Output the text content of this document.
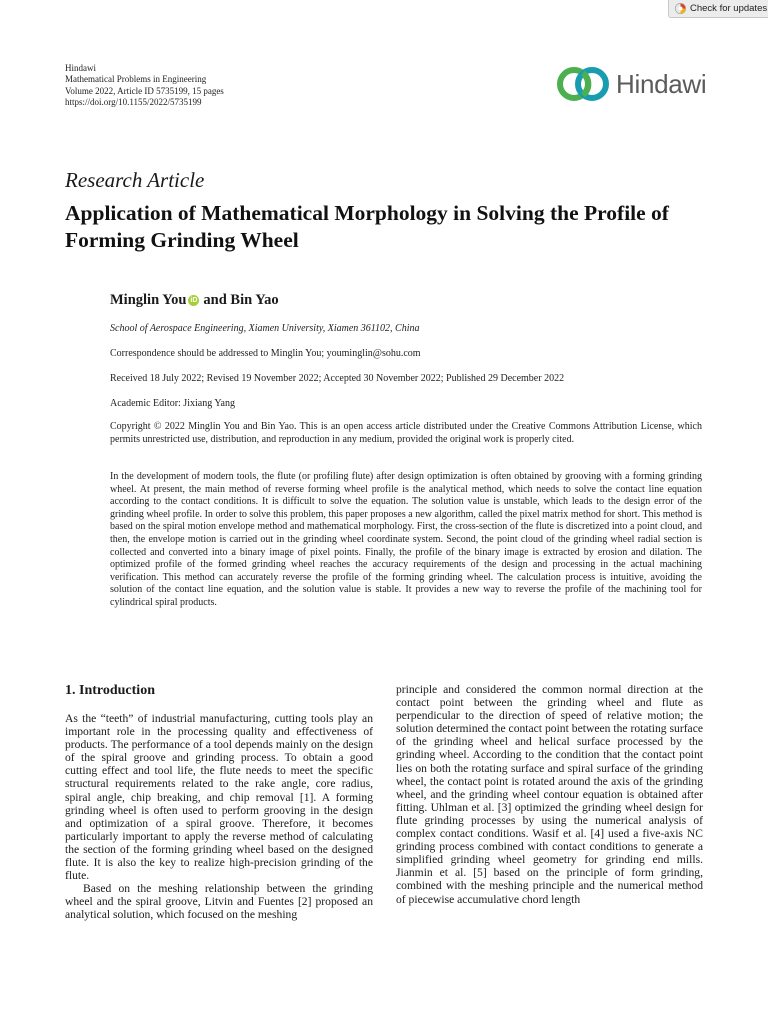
Check for updates
Hindawi
Mathematical Problems in Engineering
Volume 2022, Article ID 5735199, 15 pages
https://doi.org/10.1155/2022/5735199
Hindawi
Research Article
Application of Mathematical Morphology in Solving the Profile of Forming Grinding Wheel
Minglin You iD and Bin Yao
School of Aerospace Engineering, Xiamen University, Xiamen 361102, China
Correspondence should be addressed to Minglin You; youminglin@sohu.com
Received 18 July 2022; Revised 19 November 2022; Accepted 30 November 2022; Published 29 December 2022
Academic Editor: Jixiang Yang
Copyright © 2022 Minglin You and Bin Yao. This is an open access article distributed under the Creative Commons Attribution License, which permits unrestricted use, distribution, and reproduction in any medium, provided the original work is properly cited.
In the development of modern tools, the flute (or profiling flute) after design optimization is often obtained by grooving with a forming grinding wheel. At present, the main method of reverse forming wheel profile is the analytical method, which needs to solve the contact line equation according to the contact conditions. It is difficult to solve the equation. The solution value is unstable, which leads to the design error of the grinding wheel profile. In order to solve this problem, this paper proposes a new algorithm, called the pixel matrix method for short. This method is based on the spiral motion envelope method and mathematical morphology. First, the cross-section of the flute is discretized into a point cloud, and then, the envelope motion is carried out in the grinding wheel coordinate system. Second, the point cloud of the grinding wheel radial section is collected and converted into a binary image of pixel points. Finally, the profile of the binary image is extracted by erosion and dilation. The optimized profile of the formed grinding wheel reaches the accuracy requirements of the design and processing in the actual machining verification. This method can accurately reverse the profile of the forming grinding wheel. The calculation process is intuitive, avoiding the solution of the contact line equation, and the solution value is stable. It provides a new way to reverse the profile of the machining tool for cylindrical spiral products.
1. Introduction

As the “teeth” of industrial manufacturing, cutting tools play an important role in the processing quality and effectiveness of products. The performance of a tool depends mainly on the design of the spiral groove and grinding process. To obtain a good cutting effect and tool life, the flute needs to meet the specific structural requirements related to the rake angle, core radius, spiral angle, chip breaking, and chip removal [1]. A forming grinding wheel is often used to perform grooving in the design and optimization of a spiral groove. Therefore, it becomes particularly important to apply the reverse method of calculating the section of the forming grinding wheel based on the designed flute. It is also the key to realize high-precision grinding of the flute.

Based on the meshing relationship between the grinding wheel and the spiral groove, Litvin and Fuentes [2] proposed an analytical solution, which focused on the meshing

principle and considered the common normal direction at the contact point between the grinding wheel and flute as perpendicular to the direction of speed of relative motion; the solution determined the contact point between the rotating surface of the grinding wheel and helical surface processed by the grinding wheel. According to the condition that the contact point lies on both the rotating surface and spiral surface of the grinding wheel, the contact point is rotated around the axis of the grinding wheel, and the grinding wheel contour equation is obtained after fitting. Uhlman et al. [3] optimized the grinding wheel design for flute grinding processes by using the numerical analysis of complex contact conditions. Wasif et al. [4] used a five-axis NC grinding process combined with contact conditions to generate a simplified grinding wheel geometry for grinding end mills. Jianmin et al. [5] based on the principle of form grinding, combined with the meshing principle and the numerical method of piecewise accumulative chord length
